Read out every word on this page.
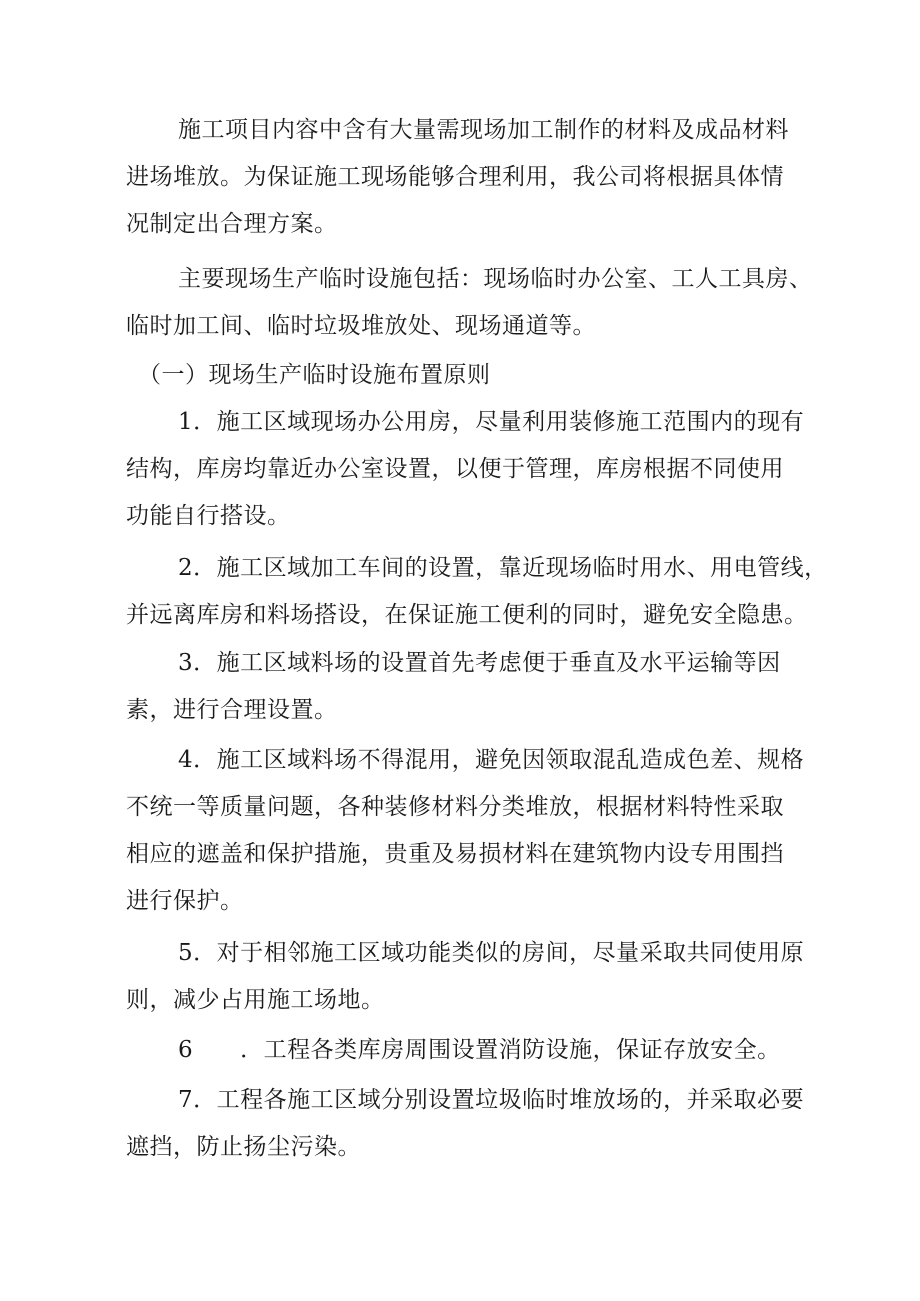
施工项目内容中含有大量需现场加工制作的材料及成品材料
进场堆放。为保证施工现场能够合理利用，我公司将根据具体情
况制定出合理方案。
主要现场生产临时设施包括：现场临时办公室、工人工具房、
临时加工间、临时垃圾堆放处、现场通道等。
（一）现场生产临时设施布置原则
1．施工区域现场办公用房，尽量利用装修施工范围内的现有
结构，库房均靠近办公室设置，以便于管理，库房根据不同使用
功能自行搭设。
2．施工区域加工车间的设置，靠近现场临时用水、用电管线，
并远离库房和料场搭设，在保证施工便利的同时，避免安全隐患。
3．施工区域料场的设置首先考虑便于垂直及水平运输等因
素，进行合理设置。
4．施工区域料场不得混用，避免因领取混乱造成色差、规格
不统一等质量问题，各种装修材料分类堆放，根据材料特性采取
相应的遮盖和保护措施，贵重及易损材料在建筑物内设专用围挡
进行保护。
5．对于相邻施工区域功能类似的房间，尽量采取共同使用原
则，减少占用施工场地。
6　　．工程各类库房周围设置消防设施，保证存放安全。
7．工程各施工区域分别设置垃圾临时堆放场的，并采取必要
遮挡，防止扬尘污染。
